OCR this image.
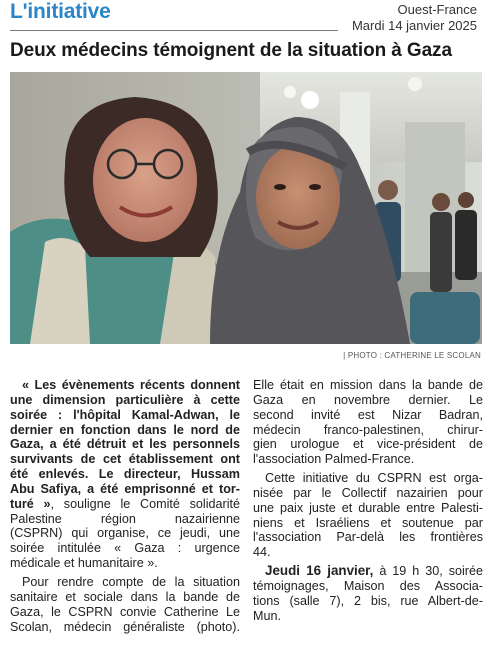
L'initiative	Ouest-France
Mardi 14 janvier 2025
Deux médecins témoignent de la situation à Gaza
| PHOTO : CATHERINE LE SCOLAN
« Les évènements récents donnent
une dimension particulière à cette
soirée : l'hôpital Kamal-Adwan, le
dernier en fonction dans le nord de
Gaza, a été détruit et les personnels
survivants de cet établissement ont
été enlevés. Le directeur, Hussam
Abu Safiya, a été emprisonné et tor-
turé », souligne le Comité solidarité
Palestine région nazairienne
(CSPRN) qui organise, ce jeudi, une
soirée intitulée « Gaza : urgence
médicale et humanitaire ».
Pour rendre compte de la situation
sanitaire et sociale dans la bande de
Gaza, le CSPRN convie Catherine Le
Scolan, médecin généraliste (photo).
Elle était en mission dans la bande de
Gaza en novembre dernier. Le
second invité est Nizar Badran,
médecin franco-palestinen, chirur-
gien urologue et vice-président de
l'association Palmed-France.
Cette initiative du CSPRN est orga-
nisée par le Collectif nazairien pour
une paix juste et durable entre Palesti-
niens et Israéliens et soutenue par
l'association Par-delà les frontières
44.
Jeudi 16 janvier, à 19 h 30, soirée
témoignages, Maison des Associa-
tions (salle 7), 2 bis, rue Albert-de-
Mun.
